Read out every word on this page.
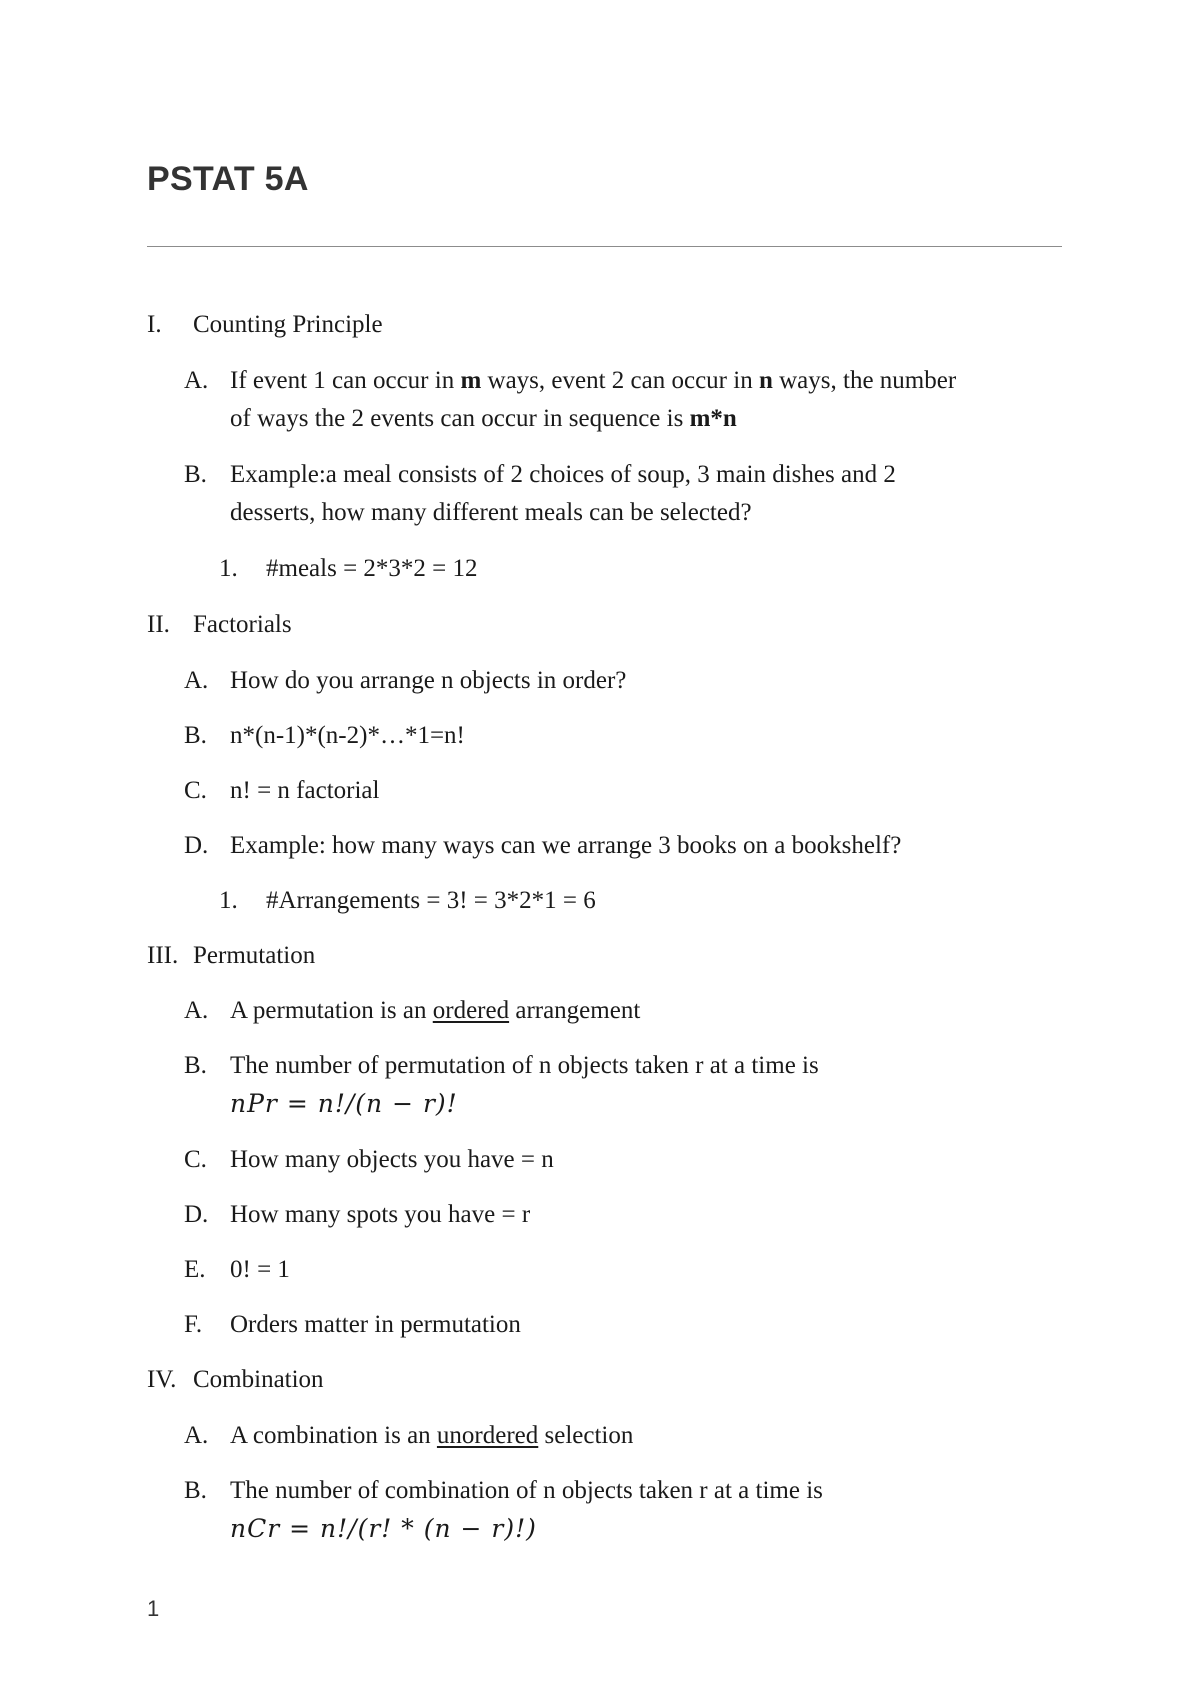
PSTAT 5A
I. Counting Principle
A. If event 1 can occur in m ways, event 2 can occur in n ways, the number
of ways the 2 events can occur in sequence is m*n
B. Example:a meal consists of 2 choices of soup, 3 main dishes and 2
desserts, how many different meals can be selected?
1. #meals = 2*3*2 = 12
II. Factorials
A. How do you arrange n objects in order?
B. n*(n-1)*(n-2)*…*1=n!
C. n! = n factorial
D. Example: how many ways can we arrange 3 books on a bookshelf?
1. #Arrangements = 3! = 3*2*1 = 6
III. Permutation
A. A permutation is an ordered arrangement
B. The number of permutation of n objects taken r at a time is
nPr = n!/(n − r)!
C. How many objects you have = n
D. How many spots you have = r
E. 0! = 1
F. Orders matter in permutation
IV. Combination
A. A combination is an unordered selection
B. The number of combination of n objects taken r at a time is
nCr = n!/(r! * (n − r)!)
1
